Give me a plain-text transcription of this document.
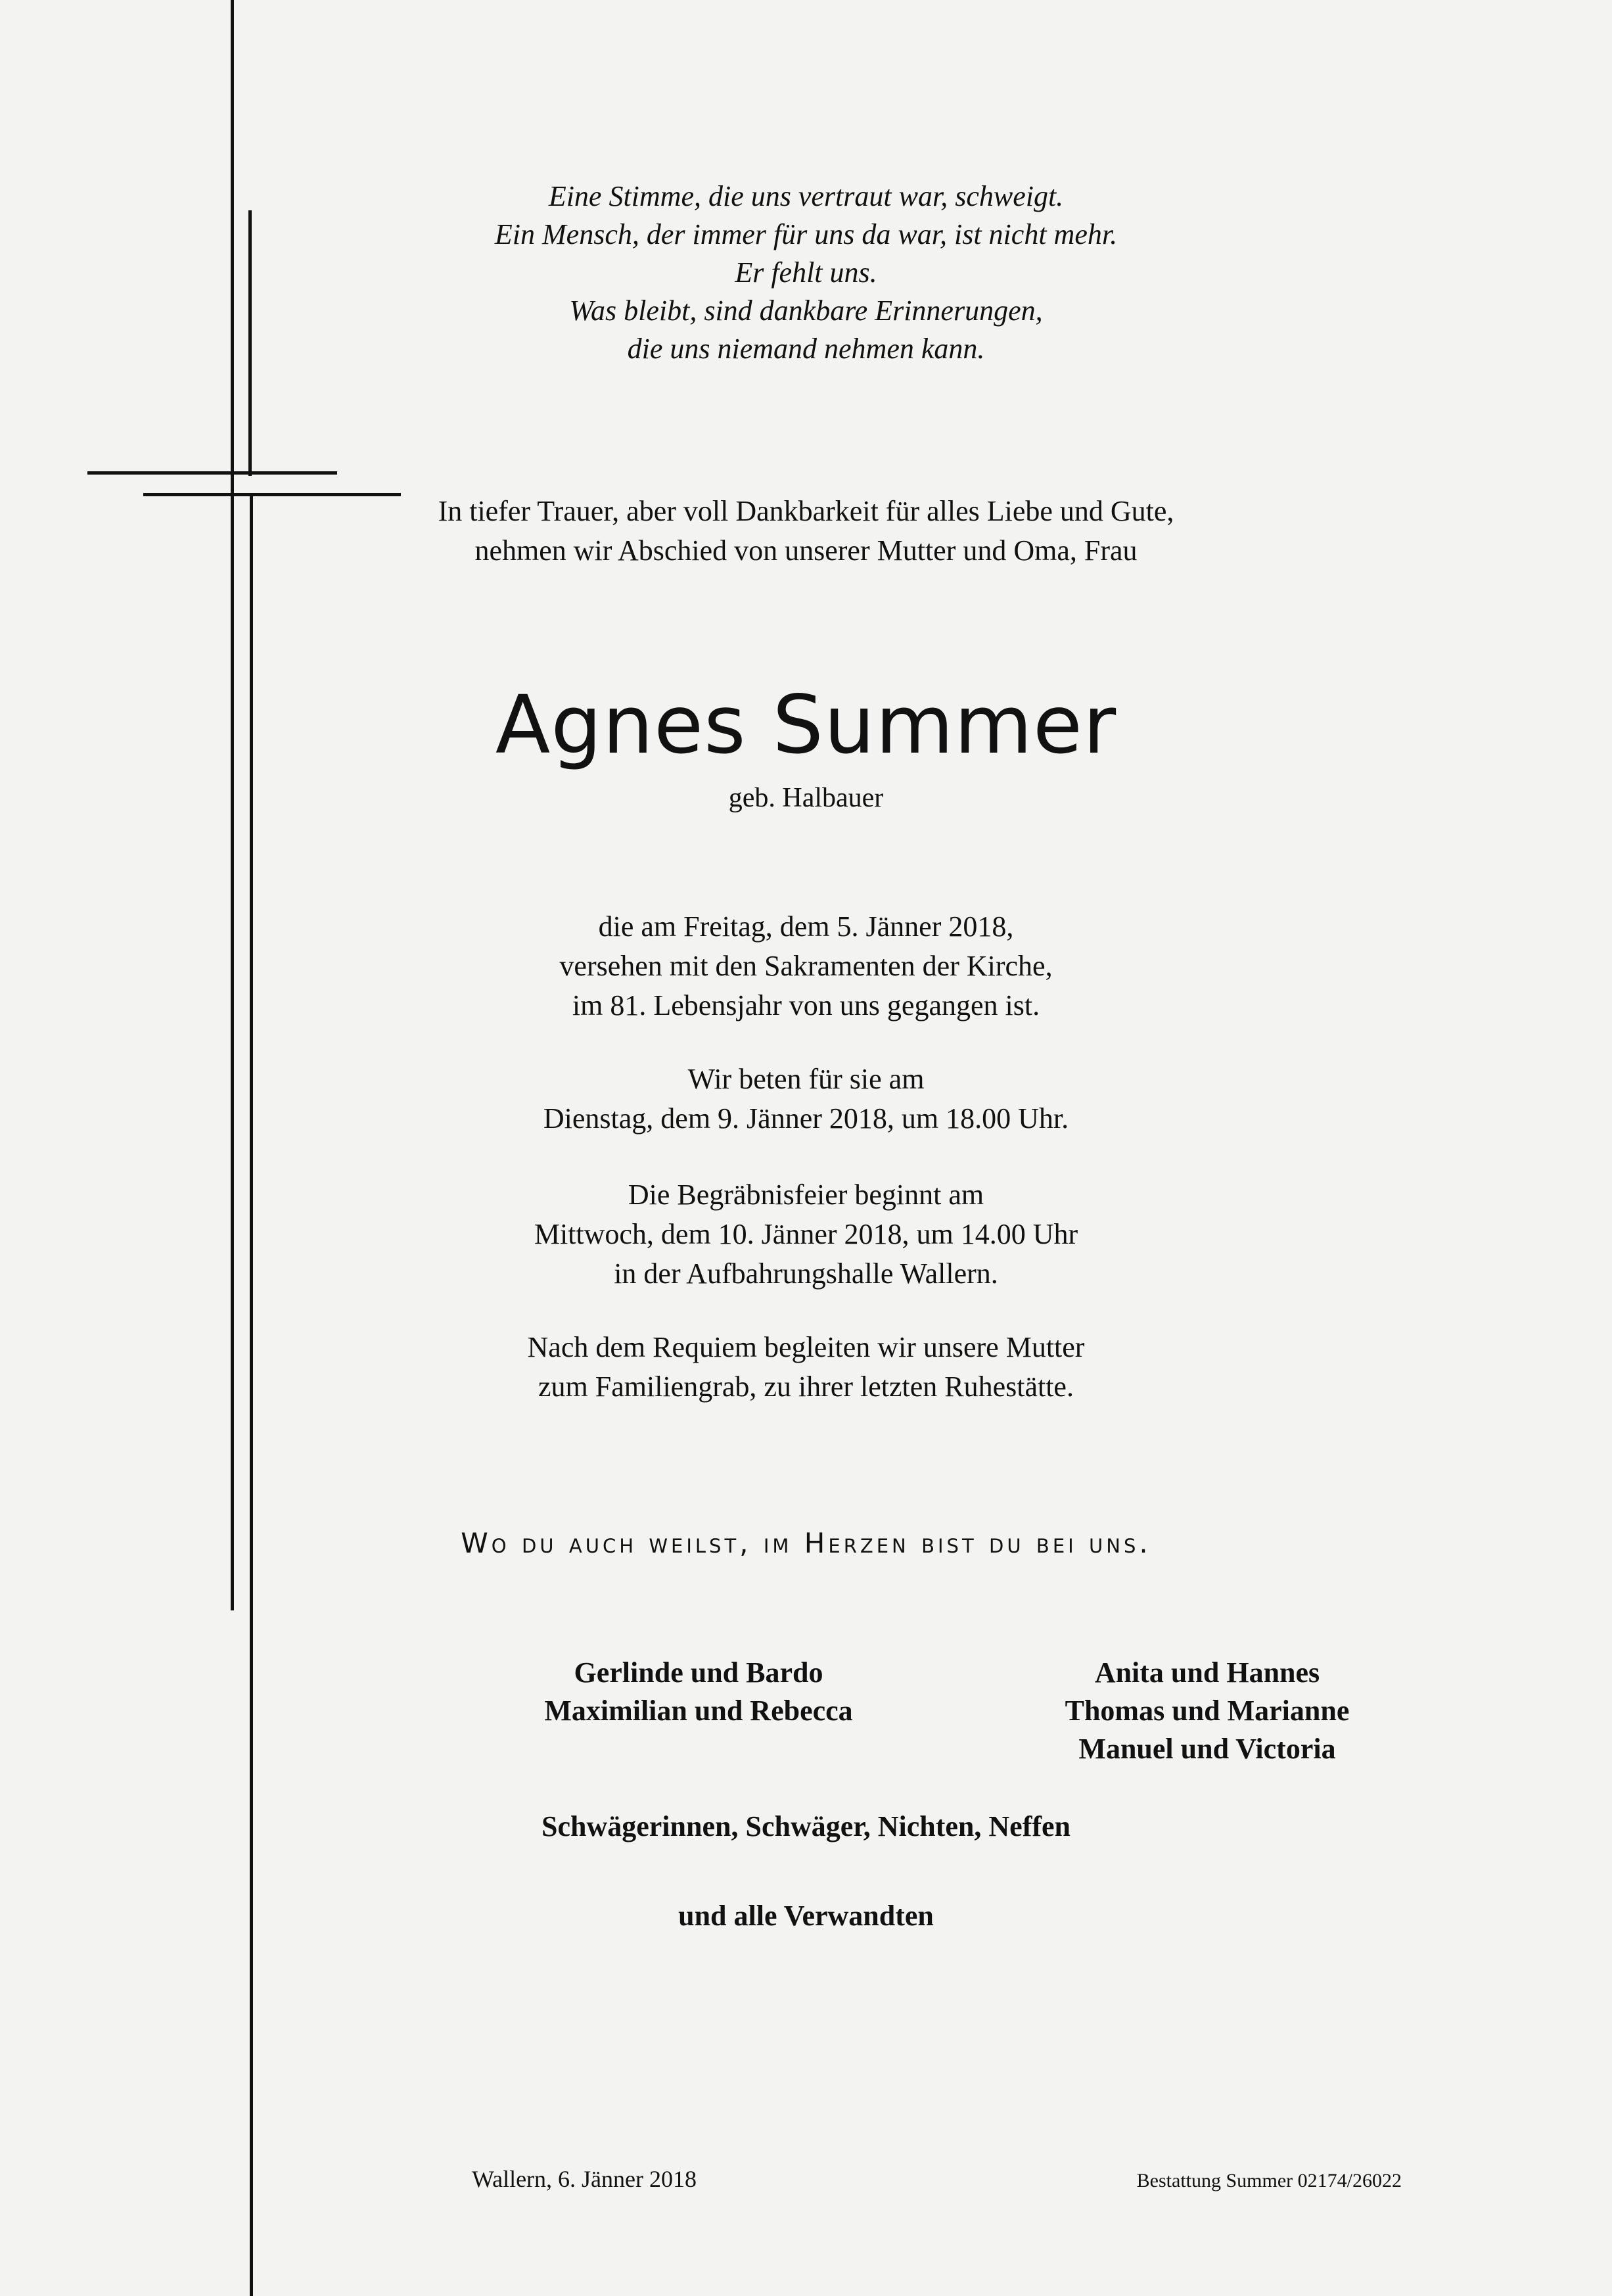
Eine Stimme, die uns vertraut war, schweigt.
Ein Mensch, der immer für uns da war, ist nicht mehr.
Er fehlt uns.
Was bleibt, sind dankbare Erinnerungen,
die uns niemand nehmen kann.
In tiefer Trauer, aber voll Dankbarkeit für alles Liebe und Gute,
nehmen wir Abschied von unserer Mutter und Oma, Frau
Agnes Summer
geb. Halbauer
die am Freitag, dem 5. Jänner 2018,
versehen mit den Sakramenten der Kirche,
im 81. Lebensjahr von uns gegangen ist.
Wir beten für sie am
Dienstag, dem 9. Jänner 2018, um 18.00 Uhr.
Die Begräbnisfeier beginnt am
Mittwoch, dem 10. Jänner 2018, um 14.00 Uhr
in der Aufbahrungshalle Wallern.
Nach dem Requiem begleiten wir unsere Mutter
zum Familiengrab, zu ihrer letzten Ruhestätte.
Wo du auch weilst, im Herzen bist du bei uns.
Gerlinde und Bardo
Maximilian und Rebecca
Anita und Hannes
Thomas und Marianne
Manuel und Victoria
Schwägerinnen, Schwäger, Nichten, Neffen
und alle Verwandten
Wallern, 6. Jänner 2018	Bestattung Summer 02174/26022
